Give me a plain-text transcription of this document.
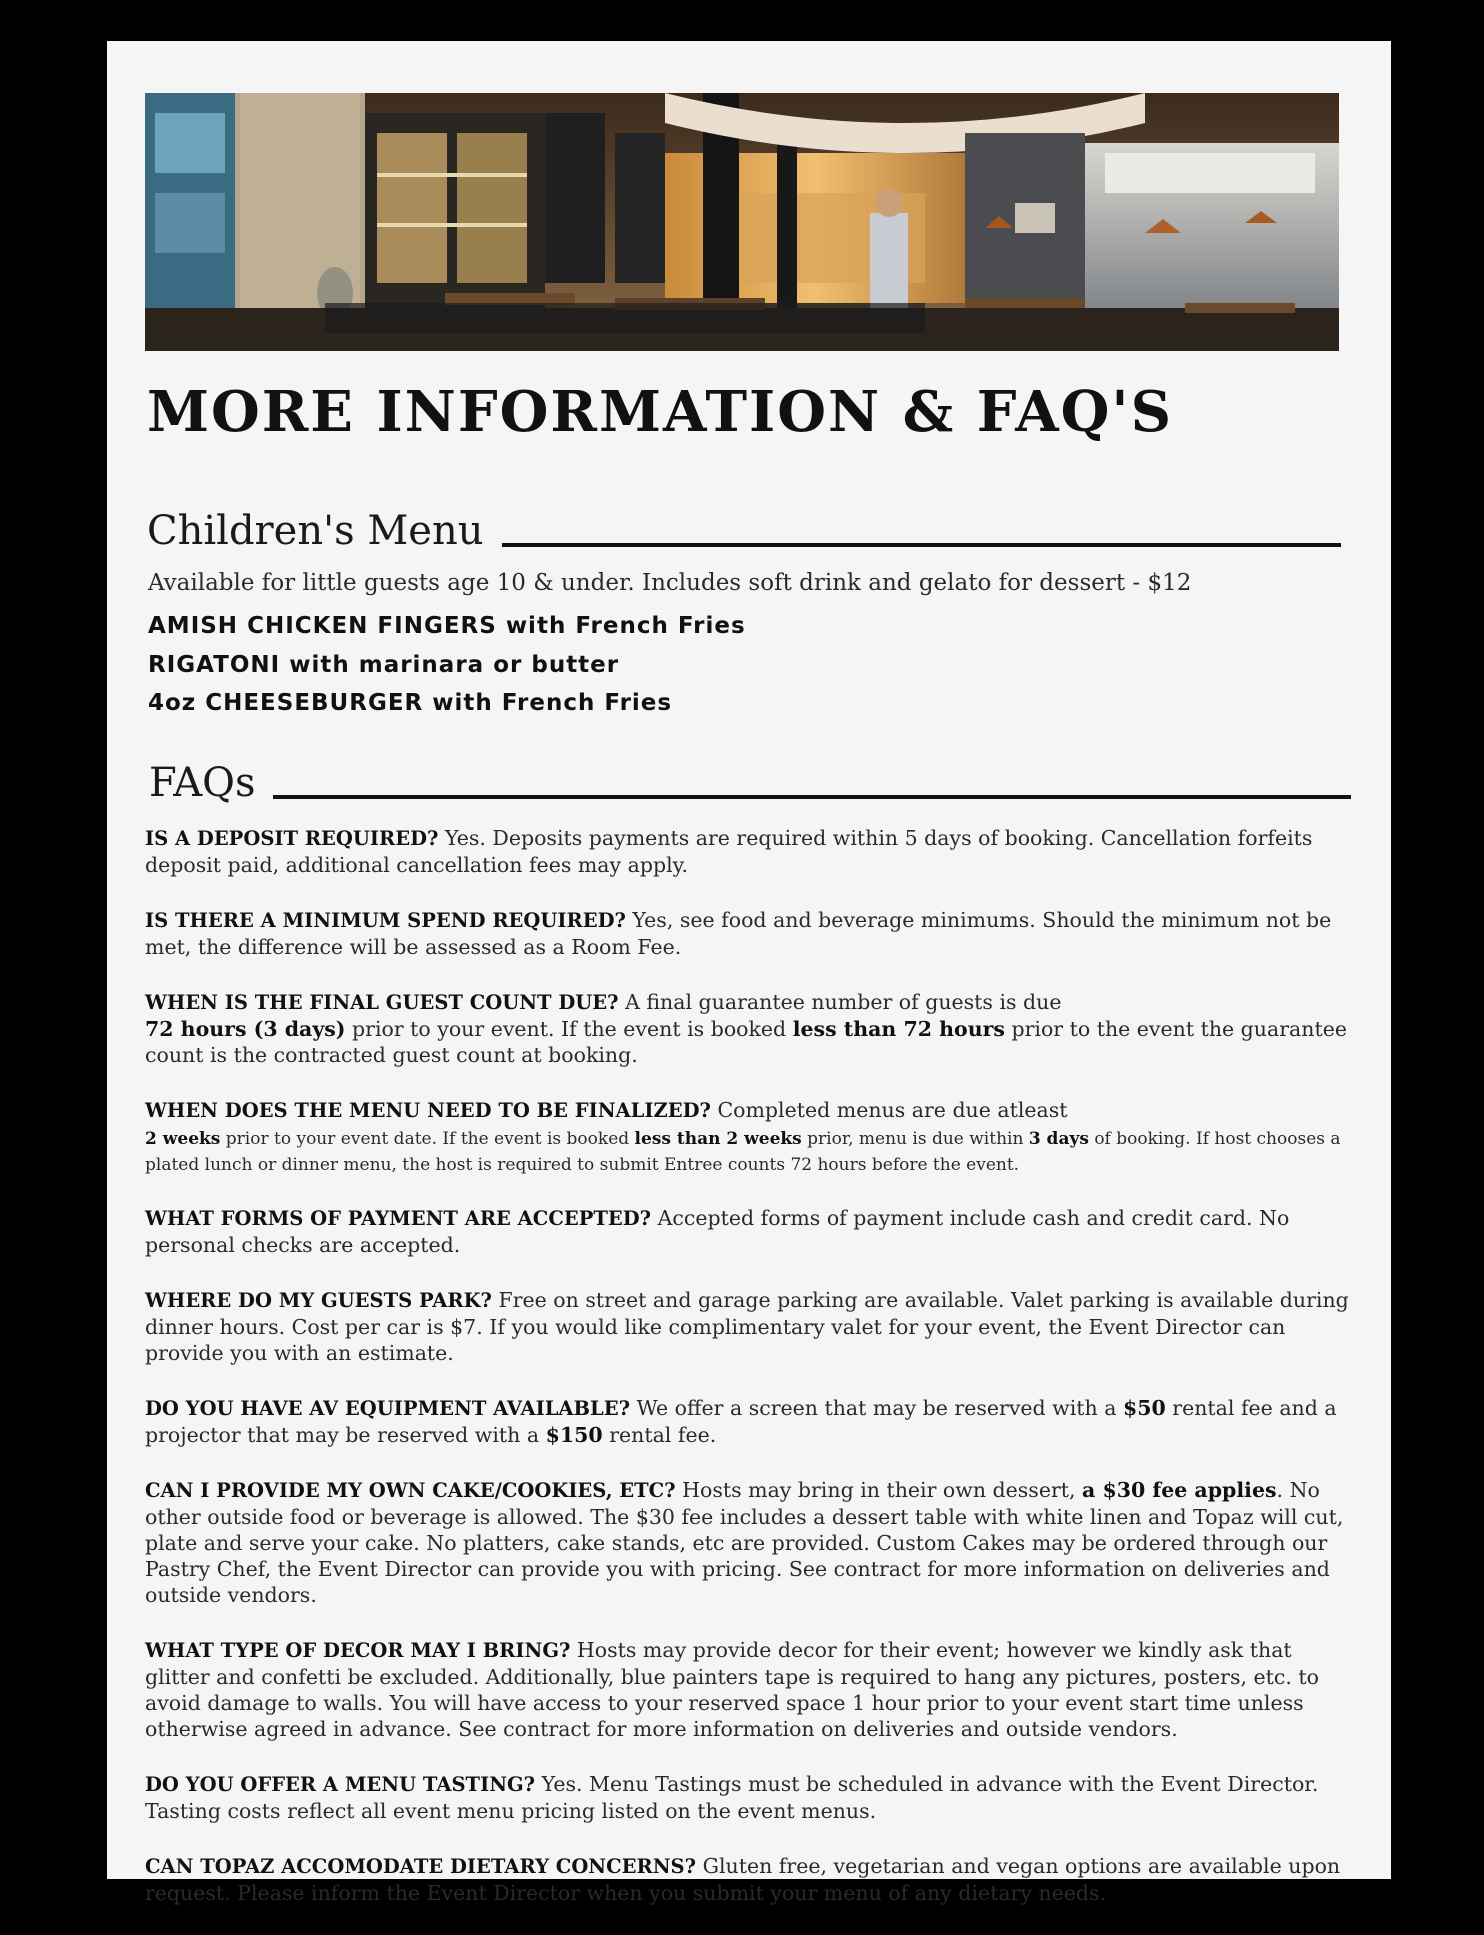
MORE INFORMATION & FAQ'S
Children's Menu
Available for little guests age 10 & under. Includes soft drink and gelato for dessert - $12
AMISH CHICKEN FINGERS with French Fries
RIGATONI with marinara or butter
4oz CHEESEBURGER with French Fries
FAQs

IS A DEPOSIT REQUIRED? Yes. Deposits payments are required within 5 days of booking. Cancellation forfeits deposit paid, additional cancellation fees may apply.

IS THERE A MINIMUM SPEND REQUIRED? Yes, see food and beverage minimums. Should the minimum not be met, the difference will be assessed as a Room Fee.

WHEN IS THE FINAL GUEST COUNT DUE? A final guarantee number of guests is due
72 hours (3 days) prior to your event. If the event is booked less than 72 hours prior to the event the guarantee count is the contracted guest count at booking.

WHEN DOES THE MENU NEED TO BE FINALIZED? Completed menus are due atleast
2 weeks prior to your event date. If the event is booked less than 2 weeks prior, menu is due within 3 days of booking. If host chooses a plated lunch or dinner menu, the host is required to submit Entree counts 72 hours before the event.

WHAT FORMS OF PAYMENT ARE ACCEPTED? Accepted forms of payment include cash and credit card. No personal checks are accepted.

WHERE DO MY GUESTS PARK? Free on street and garage parking are available. Valet parking is available during dinner hours. Cost per car is $7. If you would like complimentary valet for your event, the Event Director can provide you with an estimate.

DO YOU HAVE AV EQUIPMENT AVAILABLE? We offer a screen that may be reserved with a $50 rental fee and a projector that may be reserved with a $150 rental fee.

CAN I PROVIDE MY OWN CAKE/COOKIES, ETC? Hosts may bring in their own dessert, a $30 fee applies. No other outside food or beverage is allowed. The $30 fee includes a dessert table with white linen and Topaz will cut, plate and serve your cake. No platters, cake stands, etc are provided. Custom Cakes may be ordered through our Pastry Chef, the Event Director can provide you with pricing. See contract for more information on deliveries and outside vendors.

WHAT TYPE OF DECOR MAY I BRING? Hosts may provide decor for their event; however we kindly ask that glitter and confetti be excluded. Additionally, blue painters tape is required to hang any pictures, posters, etc. to avoid damage to walls. You will have access to your reserved space 1 hour prior to your event start time unless otherwise agreed in advance. See contract for more information on deliveries and outside vendors.

DO YOU OFFER A MENU TASTING? Yes. Menu Tastings must be scheduled in advance with the Event Director. Tasting costs reflect all event menu pricing listed on the event menus.

CAN TOPAZ ACCOMODATE DIETARY CONCERNS? Gluten free, vegetarian and vegan options are available upon request. Please inform the Event Director when you submit your menu of any dietary needs.
